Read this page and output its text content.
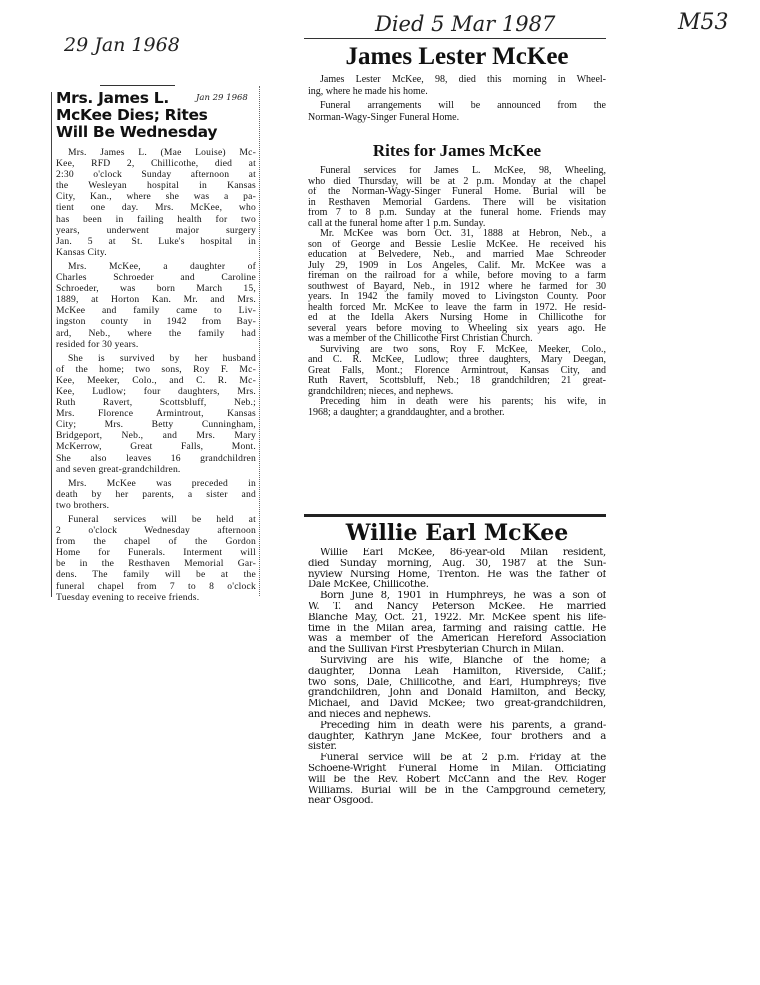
29 Jan 1968
Died 5 Mar 1987	M53
Jan 29 1968
Mrs. James L.
McKee Dies; Rites
Will Be Wednesday
Mrs. James L. (Mae Louise) Mc-
Kee, RFD 2, Chillicothe, died at
2:30 o'clock Sunday afternoon at
the Wesleyan hospital in Kansas
City, Kan., where she was a pa-
tient one day. Mrs. McKee, who
has been in failing health for two
years, underwent major surgery
Jan. 5 at St. Luke's hospital in
Kansas City.
Mrs. McKee, a daughter of
Charles Schroeder and Caroline
Schroeder, was born March 15,
1889, at Horton Kan. Mr. and Mrs.
McKee and family came to Liv-
ingston county in 1942 from Bay-
ard, Neb., where the family had
resided for 30 years.
She is survived by her husband
of the home; two sons, Roy F. Mc-
Kee, Meeker, Colo., and C. R. Mc-
Kee, Ludlow; four daughters, Mrs.
Ruth Ravert, Scottsbluff, Neb.;
Mrs. Florence Armintrout, Kansas
City; Mrs. Betty Cunningham,
Bridgeport, Neb., and Mrs. Mary
McKerrow, Great Falls, Mont.
She also leaves 16 grandchildren
and seven great-grandchildren.
Mrs. McKee was preceded in
death by her parents, a sister and
two brothers.
Funeral services will be held at
2 o'clock Wednesday afternoon
from the chapel of the Gordon
Home for Funerals. Interment will
be in the Resthaven Memorial Gar-
dens. The family will be at the
funeral chapel from 7 to 8 o'clock
Tuesday evening to receive friends.
James Lester McKee
James Lester McKee, 98, died this morning in Wheel-
ing, where he made his home.
Funeral arrangements will be announced from the
Norman-Wagy-Singer Funeral Home.
Rites for James McKee
Funeral services for James L. McKee, 98, Wheeling,
who died Thursday, will be at 2 p.m. Monday at the chapel
of the Norman-Wagy-Singer Funeral Home. Burial will be
in Resthaven Memorial Gardens. There will be visitation
from 7 to 8 p.m. Sunday at the funeral home. Friends may
call at the funeral home after 1 p.m. Sunday.
Mr. McKee was born Oct. 31, 1888 at Hebron, Neb., a
son of George and Bessie Leslie McKee. He received his
education at Belvedere, Neb., and married Mae Schreoder
July 29, 1909 in Los Angeles, Calif. Mr. McKee was a
fireman on the railroad for a while, before moving to a farm
southwest of Bayard, Neb., in 1912 where he farmed for 30
years. In 1942 the family moved to Livingston County. Poor
health forced Mr. McKee to leave the farm in 1972. He resid-
ed at the Idella Akers Nursing Home in Chillicothe for
several years before moving to Wheeling six years ago. He
was a member of the Chillicothe First Christian Church.
Surviving are two sons, Roy F. McKee, Meeker, Colo.,
and C. R. McKee, Ludlow; three daughters, Mary Deegan,
Great Falls, Mont.; Florence Armintrout, Kansas City, and
Ruth Ravert, Scottsbluff, Neb.; 18 grandchildren; 21 great-
grandchildren; nieces, and nephews.
Preceding him in death were his parents; his wife, in
1968; a daughter; a granddaughter, and a brother.
Willie Earl McKee
Willie Earl McKee, 86-year-old Milan resident,
died Sunday morning, Aug. 30, 1987 at the Sun-
nyview Nursing Home, Trenton. He was the father of
Dale McKee, Chillicothe.
Born June 8, 1901 in Humphreys, he was a son of
W. T. and Nancy Peterson McKee. He married
Blanche May, Oct. 21, 1922. Mr. McKee spent his life-
time in the Milan area, farming and raising cattle. He
was a member of the American Hereford Association
and the Sullivan First Presbyterian Church in Milan.
Surviving are his wife, Blanche of the home; a
daughter, Donna Leah Hamilton, Riverside, Calif.;
two sons, Dale, Chillicothe, and Earl, Humphreys; five
grandchildren, John and Donald Hamilton, and Becky,
Michael, and David McKee; two great-grandchildren,
and nieces and nephews.
Preceding him in death were his parents, a grand-
daughter, Kathryn Jane McKee, four brothers and a
sister.
Funeral service will be at 2 p.m. Friday at the
Schoene-Wright Funeral Home in Milan. Officiating
will be the Rev. Robert McCann and the Rev. Roger
Williams. Burial will be in the Campground cemetery,
near Osgood.
